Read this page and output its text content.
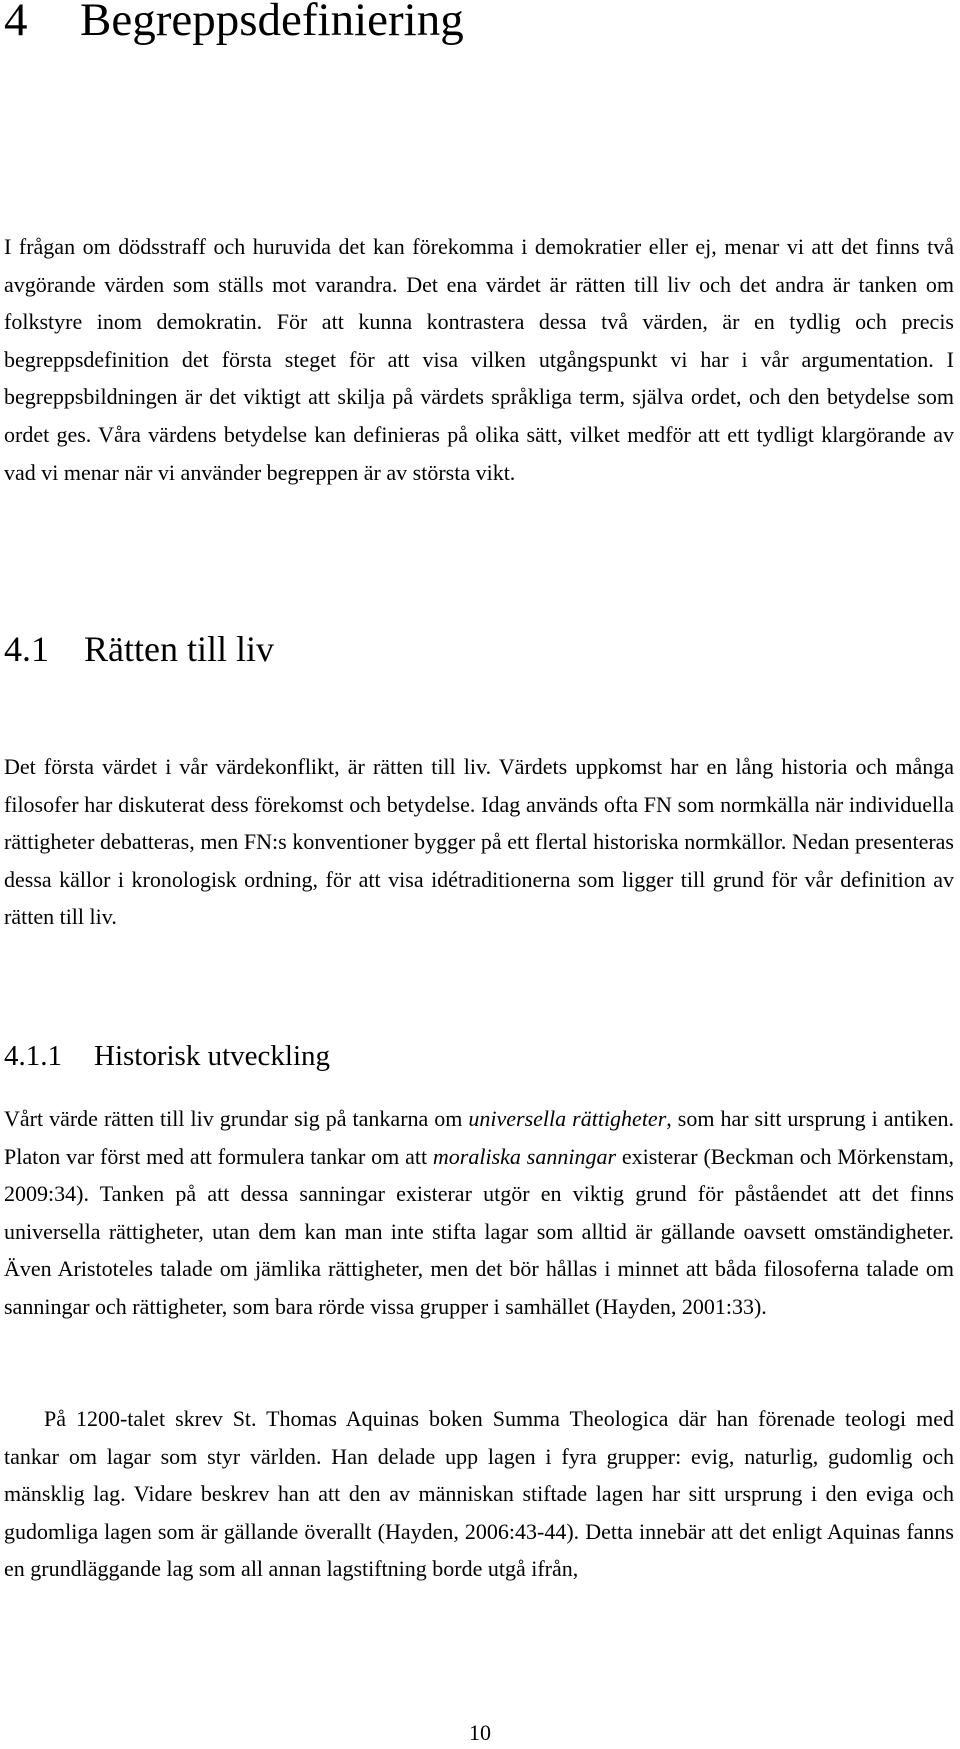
4 Begreppsdefiniering

I frågan om dödsstraff och huruvida det kan förekomma i demokratier eller ej, menar vi att det finns två avgörande värden som ställs mot varandra. Det ena värdet är rätten till liv och det andra är tanken om folkstyre inom demokratin. För att kunna kontrastera dessa två värden, är en tydlig och precis begreppsdefinition det första steget för att visa vilken utgångspunkt vi har i vår argumentation. I begreppsbildningen är det viktigt att skilja på värdets språkliga term, själva ordet, och den betydelse som ordet ges. Våra värdens betydelse kan definieras på olika sätt, vilket medför att ett tydligt klargörande av vad vi menar när vi använder begreppen är av största vikt.

4.1 Rätten till liv

Det första värdet i vår värdekonflikt, är rätten till liv. Värdets uppkomst har en lång historia och många filosofer har diskuterat dess förekomst och betydelse. Idag används ofta FN som normkälla när individuella rättigheter debatteras, men FN:s konventioner bygger på ett flertal historiska normkällor. Nedan presenteras dessa källor i kronologisk ordning, för att visa idétraditionerna som ligger till grund för vår definition av rätten till liv.

4.1.1 Historisk utveckling

Vårt värde rätten till liv grundar sig på tankarna om universella rättigheter, som har sitt ursprung i antiken. Platon var först med att formulera tankar om att moraliska sanningar existerar (Beckman och Mörkenstam, 2009:34). Tanken på att dessa sanningar existerar utgör en viktig grund för påståendet att det finns universella rättigheter, utan dem kan man inte stifta lagar som alltid är gällande oavsett omständigheter. Även Aristoteles talade om jämlika rättigheter, men det bör hållas i minnet att båda filosoferna talade om sanningar och rättigheter, som bara rörde vissa grupper i samhället (Hayden, 2001:33).

På 1200-talet skrev St. Thomas Aquinas boken Summa Theologica där han förenade teologi med tankar om lagar som styr världen. Han delade upp lagen i fyra grupper: evig, naturlig, gudomlig och mänsklig lag. Vidare beskrev han att den av människan stiftade lagen har sitt ursprung i den eviga och gudomliga lagen som är gällande överallt (Hayden, 2006:43-44). Detta innebär att det enligt Aquinas fanns en grundläggande lag som all annan lagstiftning borde utgå ifrån,

10
